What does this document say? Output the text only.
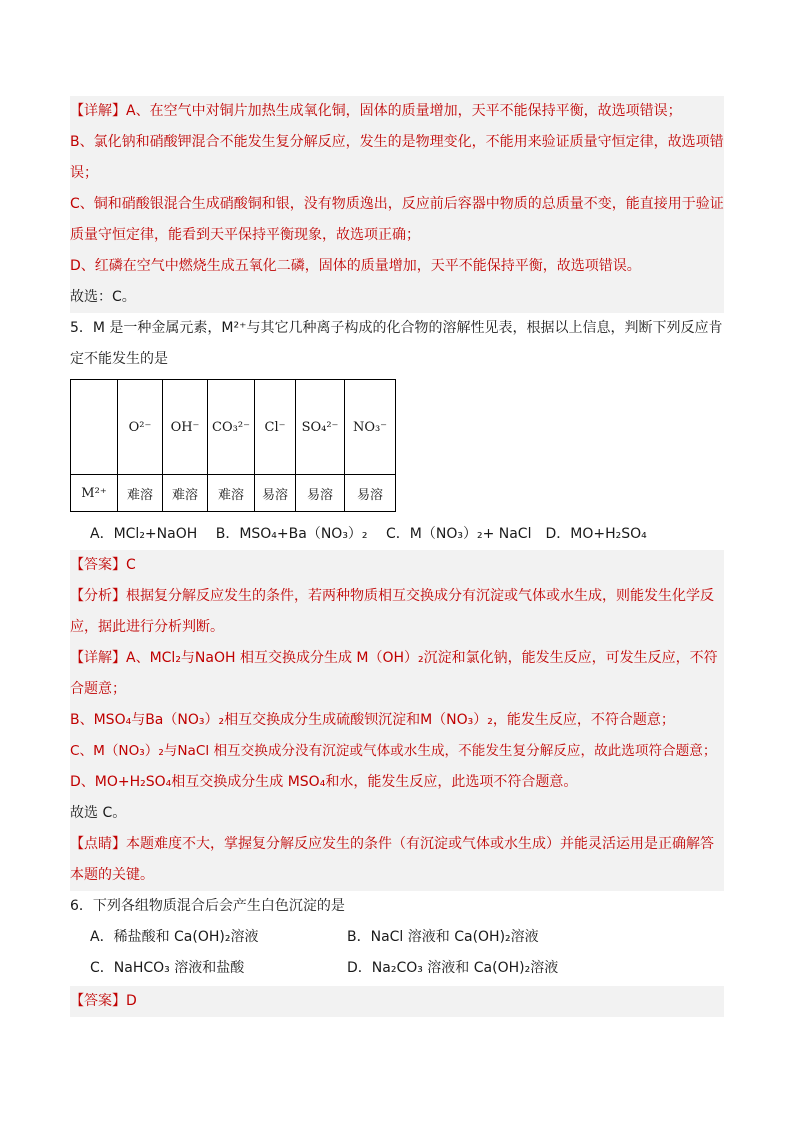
【详解】A、在空气中对铜片加热生成氧化铜，固体的质量增加，天平不能保持平衡，故选项错误；
B、氯化钠和硝酸钾混合不能发生复分解反应，发生的是物理变化，不能用来验证质量守恒定律，故选项错
误；
C、铜和硝酸银混合生成硝酸铜和银，没有物质逸出，反应前后容器中物质的总质量不变，能直接用于验证
质量守恒定律，能看到天平保持平衡现象，故选项正确；
D、红磷在空气中燃烧生成五氧化二磷，固体的质量增加，天平不能保持平衡，故选项错误。
故选：C。
5．M 是一种金属元素，M²⁺与其它几种离子构成的化合物的溶解性见表，根据以上信息，判断下列反应肯
定不能发生的是
	O²⁻	OH⁻	CO₃²⁻	Cl⁻	SO₄²⁻	NO₃⁻
M²⁺	难溶	难溶	难溶	易溶	易溶	易溶
A．MCl₂+NaOH　 B．MSO₄+Ba（NO₃）₂ 　C．M（NO₃）₂+ NaCl　D．MO+H₂SO₄
【答案】C
【分析】根据复分解反应发生的条件，若两种物质相互交换成分有沉淀或气体或水生成，则能发生化学反
应，据此进行分析判断。
【详解】A、MCl₂与NaOH 相互交换成分生成 M（OH）₂沉淀和氯化钠，能发生反应，可发生反应，不符
合题意；
B、MSO₄与Ba（NO₃）₂相互交换成分生成硫酸钡沉淀和M（NO₃）₂，能发生反应，不符合题意；
C、M（NO₃）₂与NaCl 相互交换成分没有沉淀或气体或水生成，不能发生复分解反应，故此选项符合题意；
D、MO+H₂SO₄相互交换成分生成 MSO₄和水，能发生反应，此选项不符合题意。
故选 C。
【点睛】本题难度不大，掌握复分解反应发生的条件（有沉淀或气体或水生成）并能灵活运用是正确解答
本题的关键。
6．下列各组物质混合后会产生白色沉淀的是
A．稀盐酸和 Ca(OH)₂溶液	B．NaCl 溶液和 Ca(OH)₂溶液
C．NaHCO₃ 溶液和盐酸	D．Na₂CO₃ 溶液和 Ca(OH)₂溶液
【答案】D
